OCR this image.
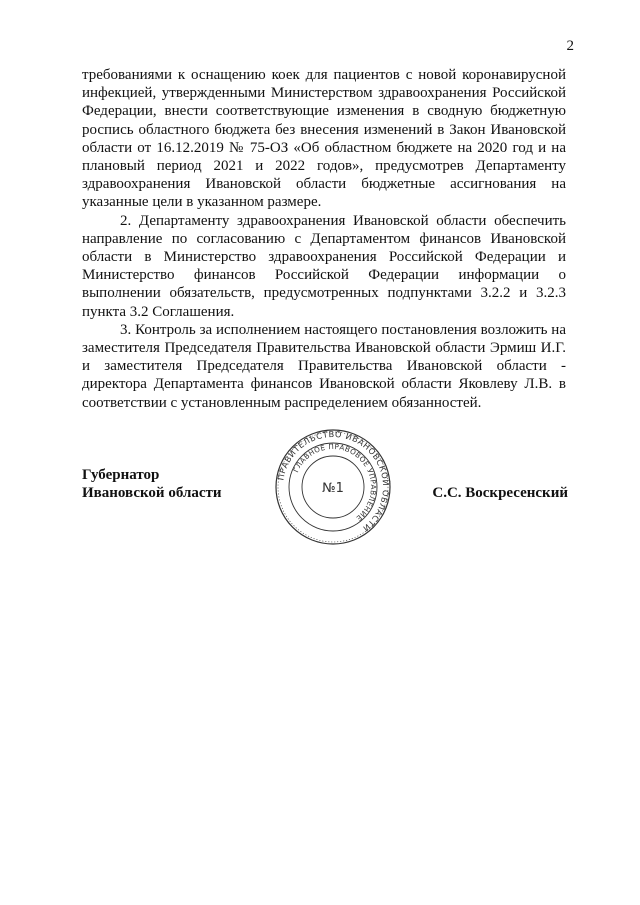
2

требованиями к оснащению коек для пациентов с новой коронавирусной инфекцией, утвержденными Министерством здравоохранения Российской Федерации, внести соответствующие изменения в сводную бюджетную роспись областного бюджета без внесения изменений в Закон Ивановской области от 16.12.2019 № 75-ОЗ «Об областном бюджете на 2020 год и на плановый период 2021 и 2022 годов», предусмотрев Департаменту здравоохранения Ивановской области бюджетные ассигнования на указанные цели в указанном размере.

2. Департаменту здравоохранения Ивановской области обеспечить направление по согласованию с Департаментом финансов Ивановской области в Министерство здравоохранения Российской Федерации и Министерство финансов Российской Федерации информации о выполнении обязательств, предусмотренных подпунктами 3.2.2 и 3.2.3 пункта 3.2 Соглашения.

3. Контроль за исполнением настоящего постановления возложить на заместителя Председателя Правительства Ивановской области Эрмиш И.Г. и заместителя Председателя Правительства Ивановской области - директора Департамента финансов Ивановской области Яковлеву Л.В. в соответствии с установленным распределением обязанностей.

Губернатор
Ивановской области	С.С. Воскресенский
ПРАВИТЕЛЬСТВО ИВАНОВСКОЙ ОБЛАСТИ
ГЛАВНОЕ ПРАВОВОЕ УПРАВЛЕНИЕ
№1
